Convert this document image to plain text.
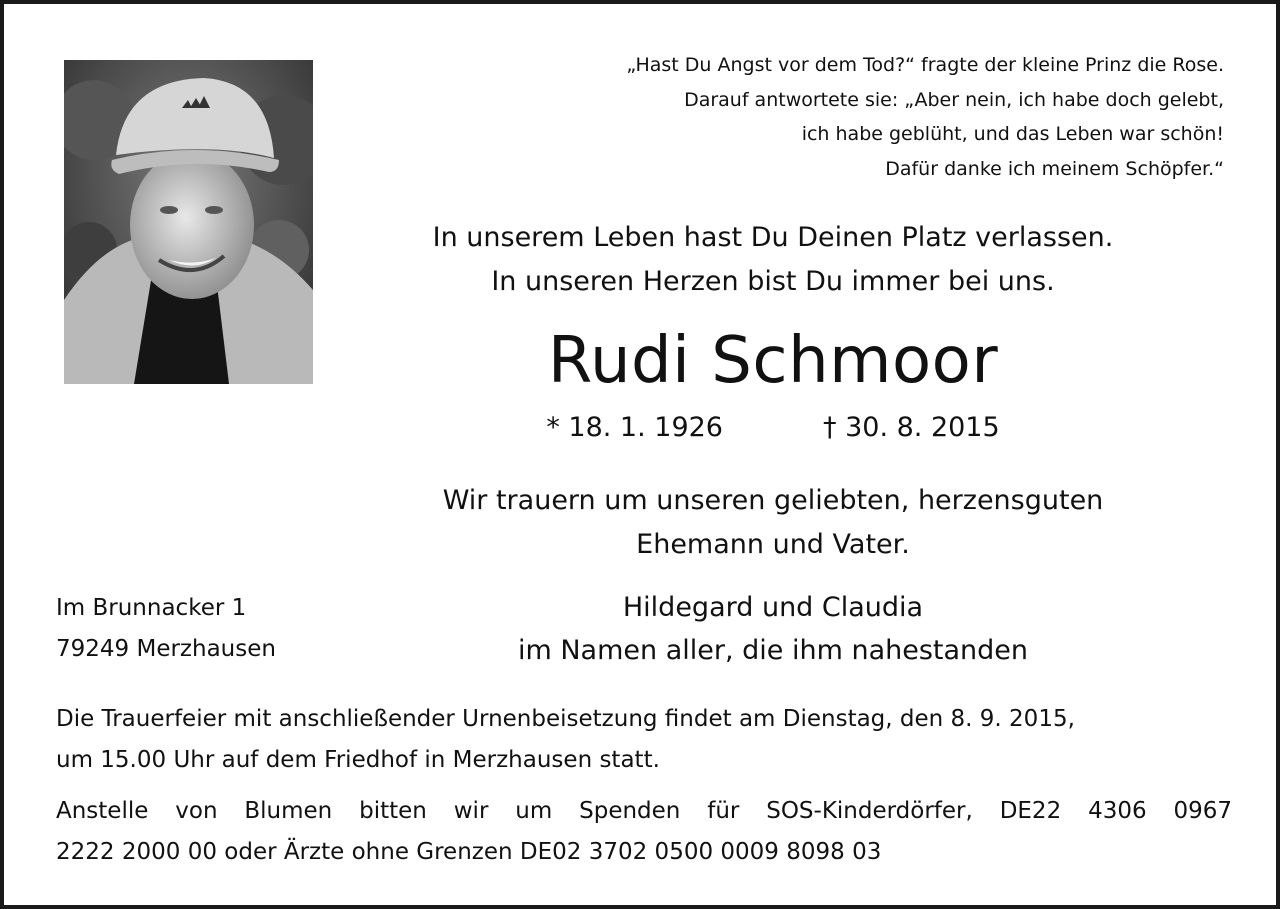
„Hast Du Angst vor dem Tod?“ fragte der kleine Prinz die Rose.
Darauf antwortete sie: „Aber nein, ich habe doch gelebt,
ich habe geblüht, und das Leben war schön!
Dafür danke ich meinem Schöpfer.“
In unserem Leben hast Du Deinen Platz verlassen.
In unseren Herzen bist Du immer bei uns.
Rudi Schmoor
* 18. 1. 1926	† 30. 8. 2015
Wir trauern um unseren geliebten, herzensguten
Ehemann und Vater.
Im Brunnacker 1
79249 Merzhausen
Hildegard und Claudia
im Namen aller, die ihm nahestanden
Die Trauerfeier mit anschließender Urnenbeisetzung findet am Dienstag, den 8. 9. 2015,
um 15.00 Uhr auf dem Friedhof in Merzhausen statt.
Anstelle von Blumen bitten wir um Spenden für SOS-Kinderdörfer, DE22 4306 0967
2222 2000 00 oder Ärzte ohne Grenzen DE02 3702 0500 0009 8098 03
